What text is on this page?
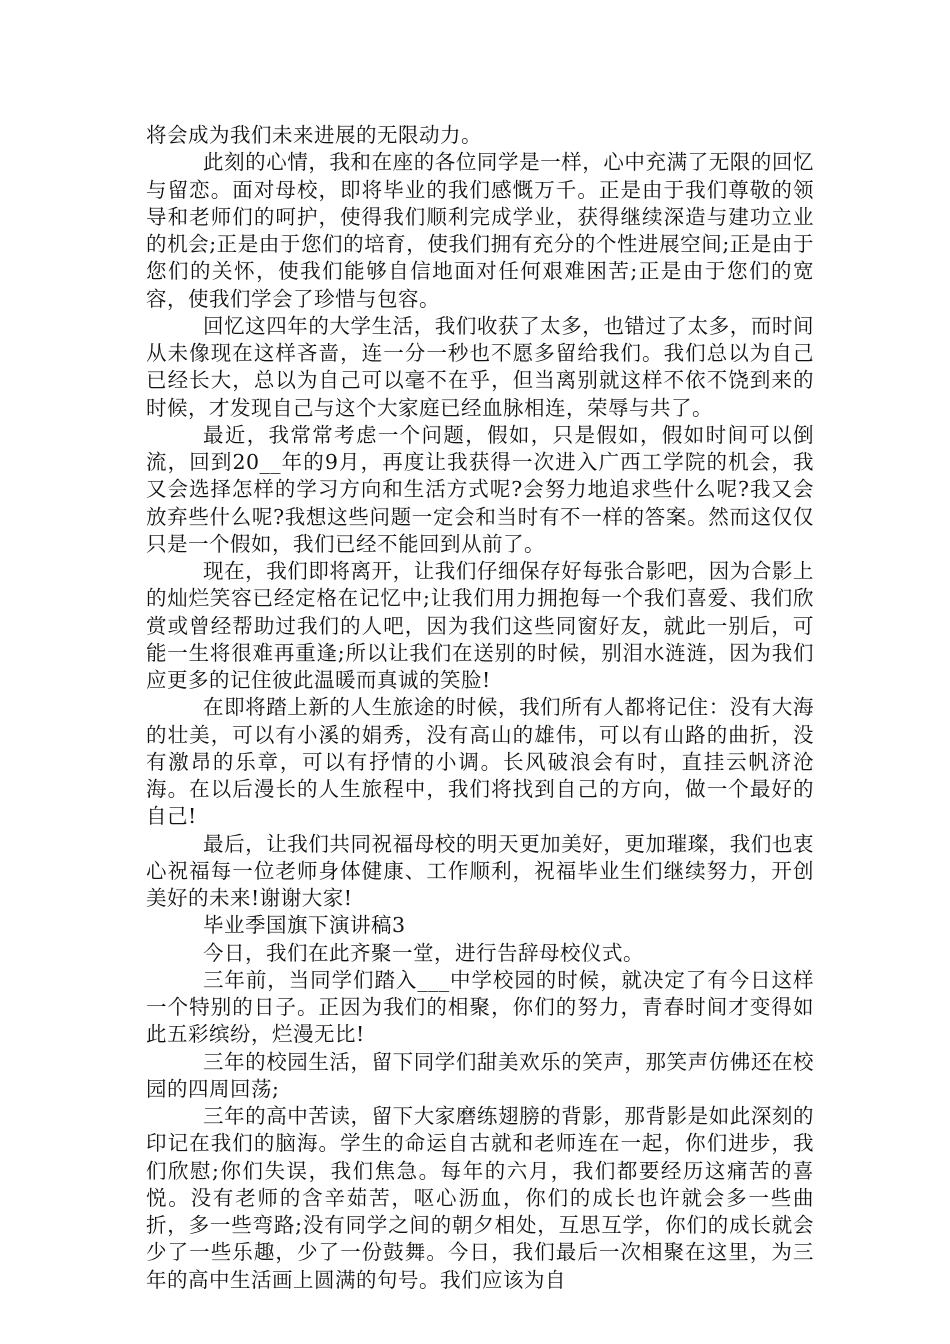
将会成为我们未来进展的无限动力。

此刻的心情，我和在座的各位同学是一样，心中充满了无限的回忆与留恋。面对母校，即将毕业的我们感慨万千。正是由于我们尊敬的领导和老师们的呵护，使得我们顺利完成学业，获得继续深造与建功立业的机会;正是由于您们的培育，使我们拥有充分的个性进展空间;正是由于您们的关怀，使我们能够自信地面对任何艰难困苦;正是由于您们的宽容，使我们学会了珍惜与包容。

回忆这四年的大学生活，我们收获了太多，也错过了太多，而时间从未像现在这样吝啬，连一分一秒也不愿多留给我们。我们总以为自己已经长大，总以为自己可以毫不在乎，但当离别就这样不依不饶到来的时候，才发现自己与这个大家庭已经血脉相连，荣辱与共了。

最近，我常常考虑一个问题，假如，只是假如，假如时间可以倒流，回到20__年的9月，再度让我获得一次进入广西工学院的机会，我又会选择怎样的学习方向和生活方式呢?会努力地追求些什么呢?我又会放弃些什么呢?我想这些问题一定会和当时有不一样的答案。然而这仅仅只是一个假如，我们已经不能回到从前了。

现在，我们即将离开，让我们仔细保存好每张合影吧，因为合影上的灿烂笑容已经定格在记忆中;让我们用力拥抱每一个我们喜爱、我们欣赏或曾经帮助过我们的人吧，因为我们这些同窗好友，就此一别后，可能一生将很难再重逢;所以让我们在送别的时候，别泪水涟涟，因为我们应更多的记住彼此温暖而真诚的笑脸!

在即将踏上新的人生旅途的时候，我们所有人都将记住：没有大海的壮美，可以有小溪的娟秀，没有高山的雄伟，可以有山路的曲折，没有激昂的乐章，可以有抒情的小调。长风破浪会有时，直挂云帆济沧海。在以后漫长的人生旅程中，我们将找到自己的方向，做一个最好的自己!

最后，让我们共同祝福母校的明天更加美好，更加璀璨，我们也衷心祝福每一位老师身体健康、工作顺利，祝福毕业生们继续努力，开创美好的未来!谢谢大家!

毕业季国旗下演讲稿3

今日，我们在此齐聚一堂，进行告辞母校仪式。

三年前，当同学们踏入___中学校园的时候，就决定了有今日这样一个特别的日子。正因为我们的相聚，你们的努力，青春时间才变得如此五彩缤纷，烂漫无比!

三年的校园生活，留下同学们甜美欢乐的笑声，那笑声仿佛还在校园的四周回荡;

三年的高中苦读，留下大家磨练翅膀的背影，那背影是如此深刻的印记在我们的脑海。学生的命运自古就和老师连在一起，你们进步，我们欣慰;你们失误，我们焦急。每年的六月，我们都要经历这痛苦的喜悦。没有老师的含辛茹苦，呕心沥血，你们的成长也许就会多一些曲折，多一些弯路;没有同学之间的朝夕相处，互思互学，你们的成长就会少了一些乐趣，少了一份鼓舞。今日，我们最后一次相聚在这里，为三年的高中生活画上圆满的句号。我们应该为自
